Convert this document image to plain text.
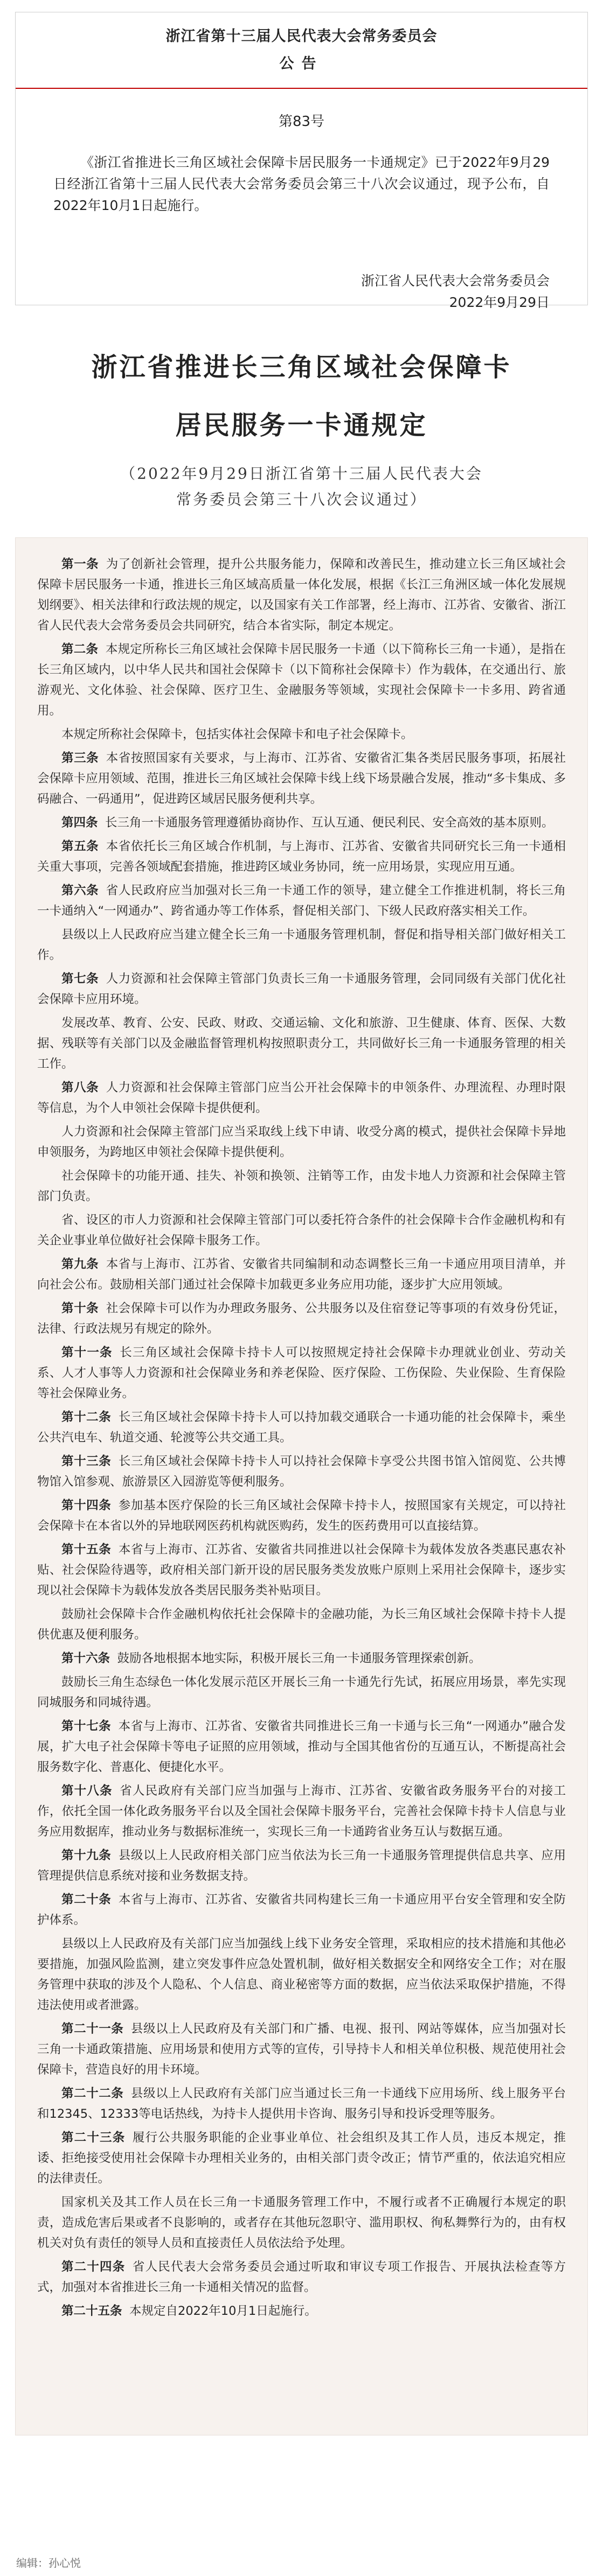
浙江省第十三届人民代表大会常务委员会
公告
第83号
《浙江省推进长三角区域社会保障卡居民服务一卡通规定》已于2022年9月29日经浙江省第十三届人民代表大会常务委员会第三十八次会议通过，现予公布，自2022年10月1日起施行。
浙江省人民代表大会常务委员会
2022年9月29日
浙江省推进长三角区域社会保障卡
居民服务一卡通规定
（2022年9月29日浙江省第十三届人民代表大会
常务委员会第三十八次会议通过）

第一条 为了创新社会管理，提升公共服务能力，保障和改善民生，推动建立长三角区域社会保障卡居民服务一卡通，推进长三角区域高质量一体化发展，根据《长江三角洲区域一体化发展规划纲要》、相关法律和行政法规的规定，以及国家有关工作部署，经上海市、江苏省、安徽省、浙江省人民代表大会常务委员会共同研究，结合本省实际，制定本规定。

第二条 本规定所称长三角区域社会保障卡居民服务一卡通（以下简称长三角一卡通），是指在长三角区域内，以中华人民共和国社会保障卡（以下简称社会保障卡）作为载体，在交通出行、旅游观光、文化体验、社会保障、医疗卫生、金融服务等领域，实现社会保障卡一卡多用、跨省通用。

本规定所称社会保障卡，包括实体社会保障卡和电子社会保障卡。

第三条 本省按照国家有关要求，与上海市、江苏省、安徽省汇集各类居民服务事项，拓展社会保障卡应用领域、范围，推进长三角区域社会保障卡线上线下场景融合发展，推动“多卡集成、多码融合、一码通用”，促进跨区域居民服务便利共享。

第四条 长三角一卡通服务管理遵循协商协作、互认互通、便民利民、安全高效的基本原则。

第五条 本省依托长三角区域合作机制，与上海市、江苏省、安徽省共同研究长三角一卡通相关重大事项，完善各领域配套措施，推进跨区域业务协同，统一应用场景，实现应用互通。

第六条 省人民政府应当加强对长三角一卡通工作的领导，建立健全工作推进机制，将长三角一卡通纳入“一网通办”、跨省通办等工作体系，督促相关部门、下级人民政府落实相关工作。

县级以上人民政府应当建立健全长三角一卡通服务管理机制，督促和指导相关部门做好相关工作。

第七条 人力资源和社会保障主管部门负责长三角一卡通服务管理，会同同级有关部门优化社会保障卡应用环境。

发展改革、教育、公安、民政、财政、交通运输、文化和旅游、卫生健康、体育、医保、大数据、残联等有关部门以及金融监督管理机构按照职责分工，共同做好长三角一卡通服务管理的相关工作。

第八条 人力资源和社会保障主管部门应当公开社会保障卡的申领条件、办理流程、办理时限等信息，为个人申领社会保障卡提供便利。

人力资源和社会保障主管部门应当采取线上线下申请、收受分离的模式，提供社会保障卡异地申领服务，为跨地区申领社会保障卡提供便利。

社会保障卡的功能开通、挂失、补领和换领、注销等工作，由发卡地人力资源和社会保障主管部门负责。

省、设区的市人力资源和社会保障主管部门可以委托符合条件的社会保障卡合作金融机构和有关企业事业单位做好社会保障卡服务工作。

第九条 本省与上海市、江苏省、安徽省共同编制和动态调整长三角一卡通应用项目清单，并向社会公布。鼓励相关部门通过社会保障卡加载更多业务应用功能，逐步扩大应用领域。

第十条 社会保障卡可以作为办理政务服务、公共服务以及住宿登记等事项的有效身份凭证，法律、行政法规另有规定的除外。

第十一条 长三角区域社会保障卡持卡人可以按照规定持社会保障卡办理就业创业、劳动关系、人才人事等人力资源和社会保障业务和养老保险、医疗保险、工伤保险、失业保险、生育保险等社会保障业务。

第十二条 长三角区域社会保障卡持卡人可以持加载交通联合一卡通功能的社会保障卡，乘坐公共汽电车、轨道交通、轮渡等公共交通工具。

第十三条 长三角区域社会保障卡持卡人可以持社会保障卡享受公共图书馆入馆阅览、公共博物馆入馆参观、旅游景区入园游览等便利服务。

第十四条 参加基本医疗保险的长三角区域社会保障卡持卡人，按照国家有关规定，可以持社会保障卡在本省以外的异地联网医药机构就医购药，发生的医药费用可以直接结算。

第十五条 本省与上海市、江苏省、安徽省共同推进以社会保障卡为载体发放各类惠民惠农补贴、社会保险待遇等，政府相关部门新开设的居民服务类发放账户原则上采用社会保障卡，逐步实现以社会保障卡为载体发放各类居民服务类补贴项目。

鼓励社会保障卡合作金融机构依托社会保障卡的金融功能，为长三角区域社会保障卡持卡人提供优惠及便利服务。

第十六条 鼓励各地根据本地实际，积极开展长三角一卡通服务管理探索创新。

鼓励长三角生态绿色一体化发展示范区开展长三角一卡通先行先试，拓展应用场景，率先实现同城服务和同城待遇。

第十七条 本省与上海市、江苏省、安徽省共同推进长三角一卡通与长三角“一网通办”融合发展，扩大电子社会保障卡等电子证照的应用领域，推动与全国其他省份的互通互认，不断提高社会服务数字化、普惠化、便捷化水平。

第十八条 省人民政府有关部门应当加强与上海市、江苏省、安徽省政务服务平台的对接工作，依托全国一体化政务服务平台以及全国社会保障卡服务平台，完善社会保障卡持卡人信息与业务应用数据库，推动业务与数据标准统一，实现长三角一卡通跨省业务互认与数据互通。

第十九条 县级以上人民政府相关部门应当依法为长三角一卡通服务管理提供信息共享、应用管理提供信息系统对接和业务数据支持。

第二十条 本省与上海市、江苏省、安徽省共同构建长三角一卡通应用平台安全管理和安全防护体系。

县级以上人民政府及有关部门应当加强线上线下业务安全管理，采取相应的技术措施和其他必要措施，加强风险监测，建立突发事件应急处置机制，做好相关数据安全和网络安全工作；对在服务管理中获取的涉及个人隐私、个人信息、商业秘密等方面的数据，应当依法采取保护措施，不得违法使用或者泄露。

第二十一条 县级以上人民政府及有关部门和广播、电视、报刊、网站等媒体，应当加强对长三角一卡通政策措施、应用场景和使用方式等的宣传，引导持卡人和相关单位积极、规范使用社会保障卡，营造良好的用卡环境。

第二十二条 县级以上人民政府有关部门应当通过长三角一卡通线下应用场所、线上服务平台和12345、12333等电话热线，为持卡人提供用卡咨询、服务引导和投诉受理等服务。

第二十三条 履行公共服务职能的企业事业单位、社会组织及其工作人员，违反本规定，推诿、拒绝接受使用社会保障卡办理相关业务的，由相关部门责令改正；情节严重的，依法追究相应的法律责任。

国家机关及其工作人员在长三角一卡通服务管理工作中，不履行或者不正确履行本规定的职责，造成危害后果或者不良影响的，或者存在其他玩忽职守、滥用职权、徇私舞弊行为的，由有权机关对负有责任的领导人员和直接责任人员依法给予处理。

第二十四条 省人民代表大会常务委员会通过听取和审议专项工作报告、开展执法检查等方式，加强对本省推进长三角一卡通相关情况的监督。

第二十五条 本规定自2022年10月1日起施行。

编辑：孙心悦
